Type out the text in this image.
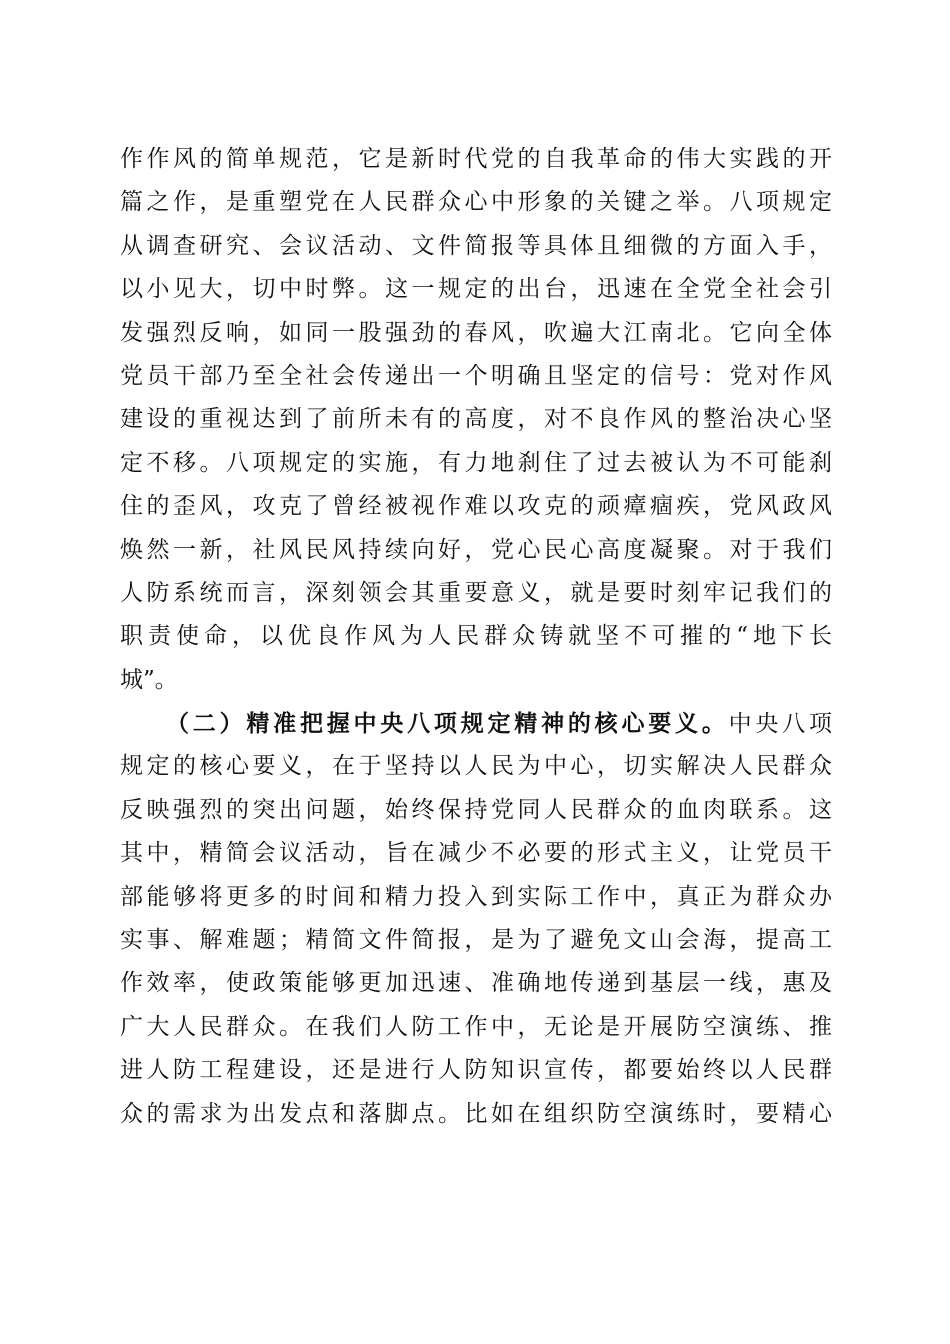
作作风的简单规范，它是新时代党的自我革命的伟大实践的开
篇之作，是重塑党在人民群众心中形象的关键之举。八项规定
从调查研究、会议活动、文件简报等具体且细微的方面入手，
以小见大，切中时弊。这一规定的出台，迅速在全党全社会引
发强烈反响，如同一股强劲的春风，吹遍大江南北。它向全体
党员干部乃至全社会传递出一个明确且坚定的信号：党对作风
建设的重视达到了前所未有的高度，对不良作风的整治决心坚
定不移。八项规定的实施，有力地刹住了过去被认为不可能刹
住的歪风，攻克了曾经被视作难以攻克的顽瘴痼疾，党风政风
焕然一新，社风民风持续向好，党心民心高度凝聚。对于我们
人防系统而言，深刻领会其重要意义，就是要时刻牢记我们的
职责使命，以优良作风为人民群众铸就坚不可摧的“地下长
城”。
（二）精准把握中央八项规定精神的核心要义。中央八项
规定的核心要义，在于坚持以人民为中心，切实解决人民群众
反映强烈的突出问题，始终保持党同人民群众的血肉联系。这
其中，精简会议活动，旨在减少不必要的形式主义，让党员干
部能够将更多的时间和精力投入到实际工作中，真正为群众办
实事、解难题；精简文件简报，是为了避免文山会海，提高工
作效率，使政策能够更加迅速、准确地传递到基层一线，惠及
广大人民群众。在我们人防工作中，无论是开展防空演练、推
进人防工程建设，还是进行人防知识宣传，都要始终以人民群
众的需求为出发点和落脚点。比如在组织防空演练时，要精心
